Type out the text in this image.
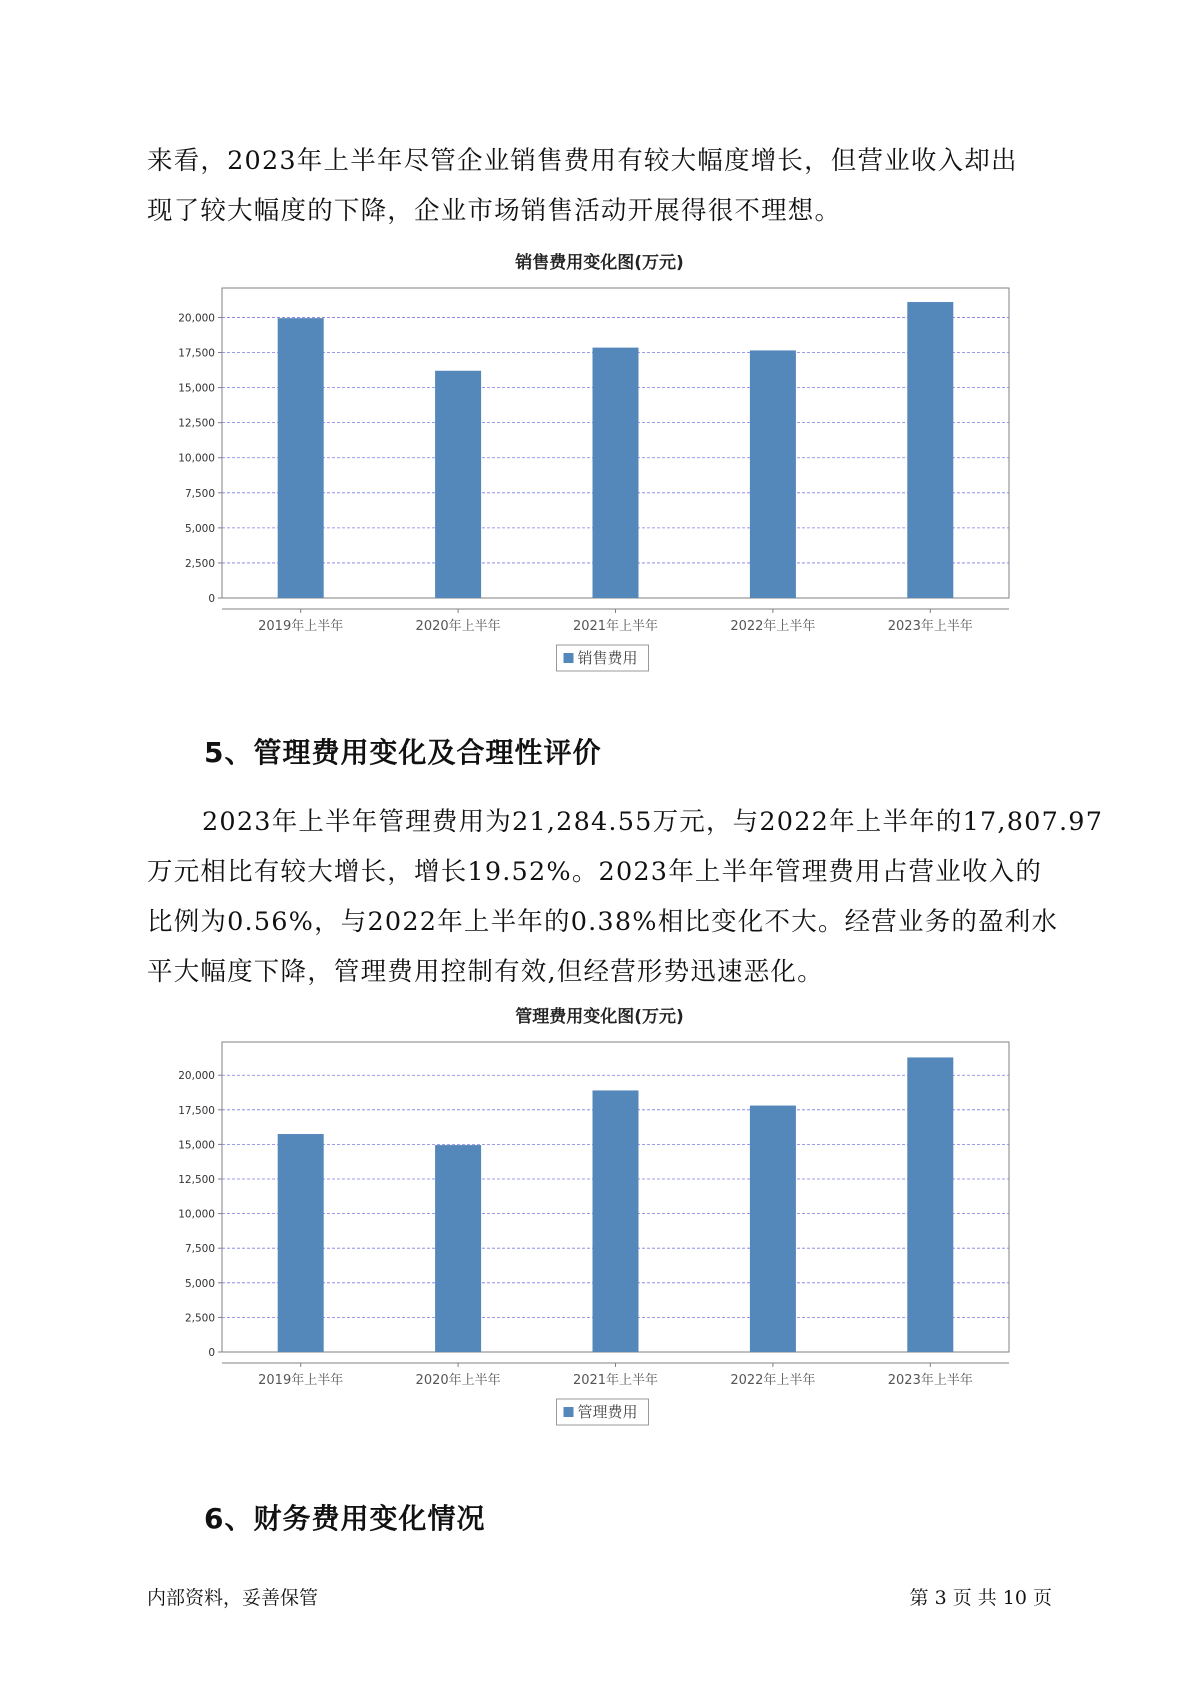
来看，2023年上半年尽管企业销售费用有较大幅度增长，但营业收入却出
现了较大幅度的下降，企业市场销售活动开展得很不理想。
销售费用变化图(万元)
0
2,500
5,000
7,500
10,000
12,500
15,000
17,500
20,000
2019年上半年	2020年上半年	2021年上半年	2022年上半年	2023年上半年
销售费用
5、管理费用变化及合理性评价
2023年上半年管理费用为21,284.55万元，与2022年上半年的17,807.97
万元相比有较大增长，增长19.52%。2023年上半年管理费用占营业收入的
比例为0.56%，与2022年上半年的0.38%相比变化不大。经营业务的盈利水
平大幅度下降，管理费用控制有效,但经营形势迅速恶化。
管理费用变化图(万元)
0
2,500
5,000
7,500
10,000
12,500
15,000
17,500
20,000
2019年上半年	2020年上半年	2021年上半年	2022年上半年	2023年上半年
管理费用
6、财务费用变化情况
内部资料，妥善保管	第 3 页 共 10 页
